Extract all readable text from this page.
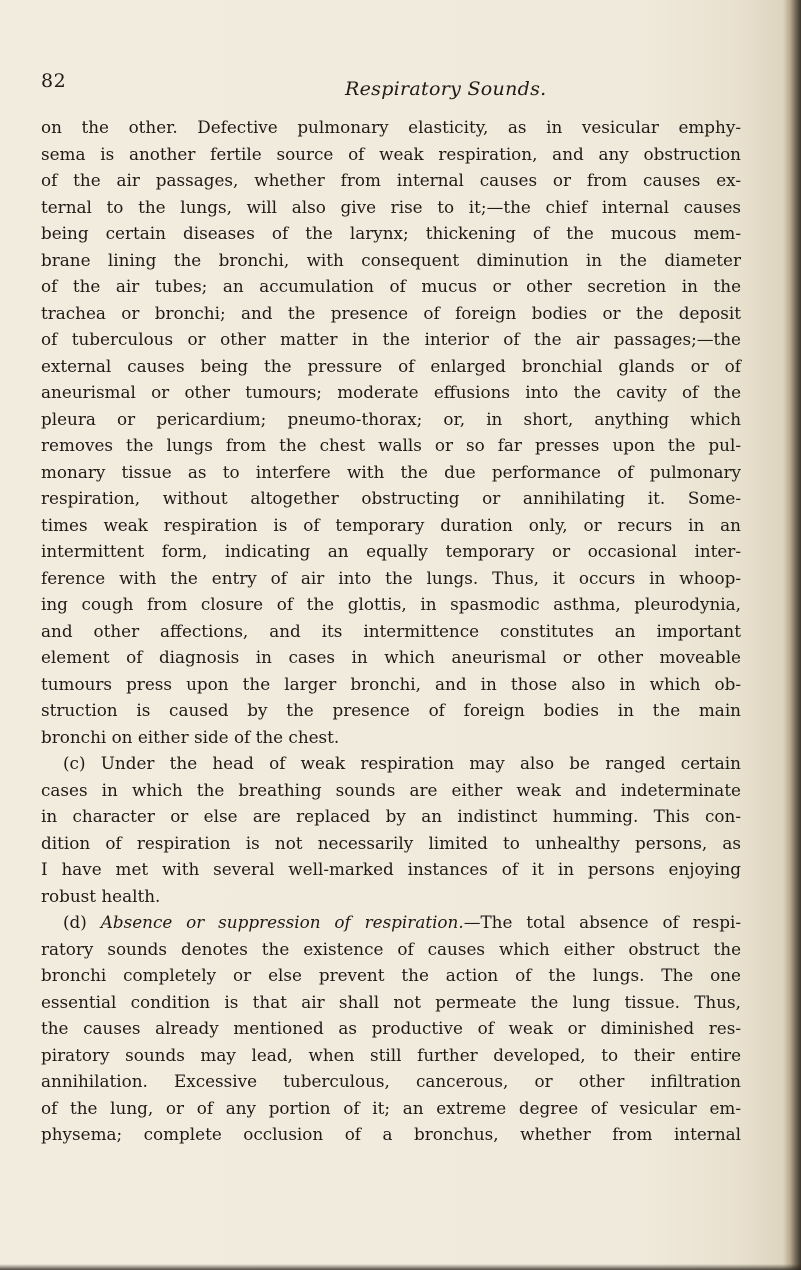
82	Respiratory Sounds.
on the other. Defective pulmonary elasticity, as in vesicular emphy-
sema is another fertile source of weak respiration, and any obstruction
of the air passages, whether from internal causes or from causes ex-
ternal to the lungs, will also give rise to it;—the chief internal causes
being certain diseases of the larynx; thickening of the mucous mem-
brane lining the bronchi, with consequent diminution in the diameter
of the air tubes; an accumulation of mucus or other secretion in the
trachea or bronchi; and the presence of foreign bodies or the deposit
of tuberculous or other matter in the interior of the air passages;—the
external causes being the pressure of enlarged bronchial glands or of
aneurismal or other tumours; moderate effusions into the cavity of the
pleura or pericardium; pneumo-thorax; or, in short, anything which
removes the lungs from the chest walls or so far presses upon the pul-
monary tissue as to interfere with the due performance of pulmonary
respiration, without altogether obstructing or annihilating it. Some-
times weak respiration is of temporary duration only, or recurs in an
intermittent form, indicating an equally temporary or occasional inter-
ference with the entry of air into the lungs. Thus, it occurs in whoop-
ing cough from closure of the glottis, in spasmodic asthma, pleurodynia,
and other affections, and its intermittence constitutes an important
element of diagnosis in cases in which aneurismal or other moveable
tumours press upon the larger bronchi, and in those also in which ob-
struction is caused by the presence of foreign bodies in the main
bronchi on either side of the chest.
(c) Under the head of weak respiration may also be ranged certain
cases in which the breathing sounds are either weak and indeterminate
in character or else are replaced by an indistinct humming. This con-
dition of respiration is not necessarily limited to unhealthy persons, as
I have met with several well-marked instances of it in persons enjoying
robust health.
(d) Absence or suppression of respiration.—The total absence of respi-
ratory sounds denotes the existence of causes which either obstruct the
bronchi completely or else prevent the action of the lungs. The one
essential condition is that air shall not permeate the lung tissue. Thus,
the causes already mentioned as productive of weak or diminished res-
piratory sounds may lead, when still further developed, to their entire
annihilation. Excessive tuberculous, cancerous, or other infiltration
of the lung, or of any portion of it; an extreme degree of vesicular em-
physema; complete occlusion of a bronchus, whether from internal
